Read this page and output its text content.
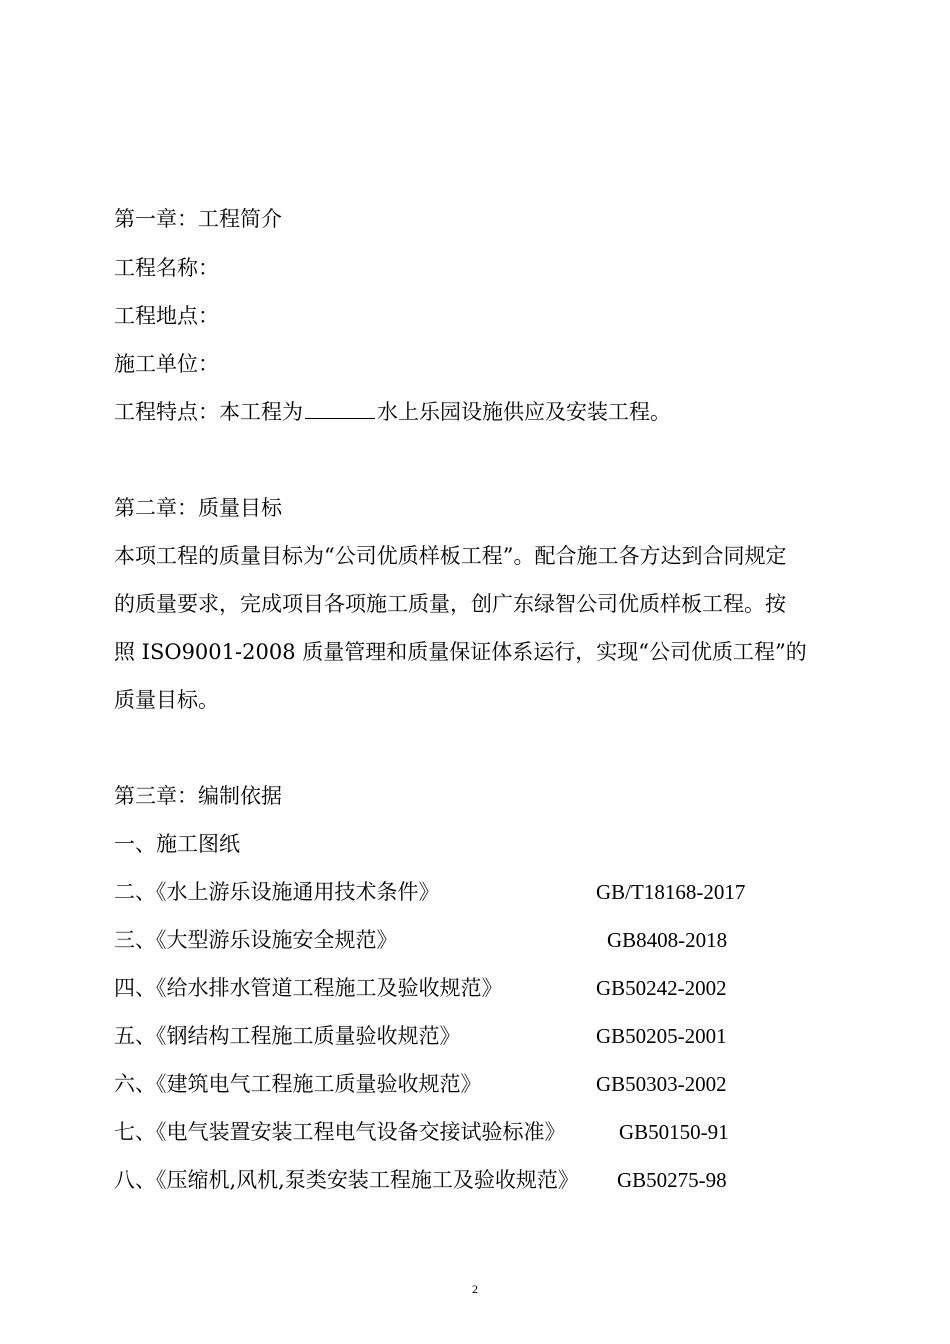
第一章：工程简介
工程名称：
工程地点：
施工单位：
工程特点：本工程为	水上乐园设施供应及安装工程。
第二章：质量目标
本项工程的质量目标为“公司优质样板工程”。配合施工各方达到合同规定
的质量要求，完成项目各项施工质量，创广东绿智公司优质样板工程。按
照 ISO9001-2008 质量管理和质量保证体系运行，实现“公司优质工程”的
质量目标。
第三章：编制依据
一、施工图纸
二、《水上游乐设施通用技术条件》	GB/T18168-2017
三、《大型游乐设施安全规范》	GB8408-2018
四、《给水排水管道工程施工及验收规范》	GB50242-2002
五、《钢结构工程施工质量验收规范》	GB50205-2001
六、《建筑电气工程施工质量验收规范》	GB50303-2002
七、《电气装置安装工程电气设备交接试验标准》	GB50150-91
八、《压缩机,风机,泵类安装工程施工及验收规范》 GB50275-98
2
